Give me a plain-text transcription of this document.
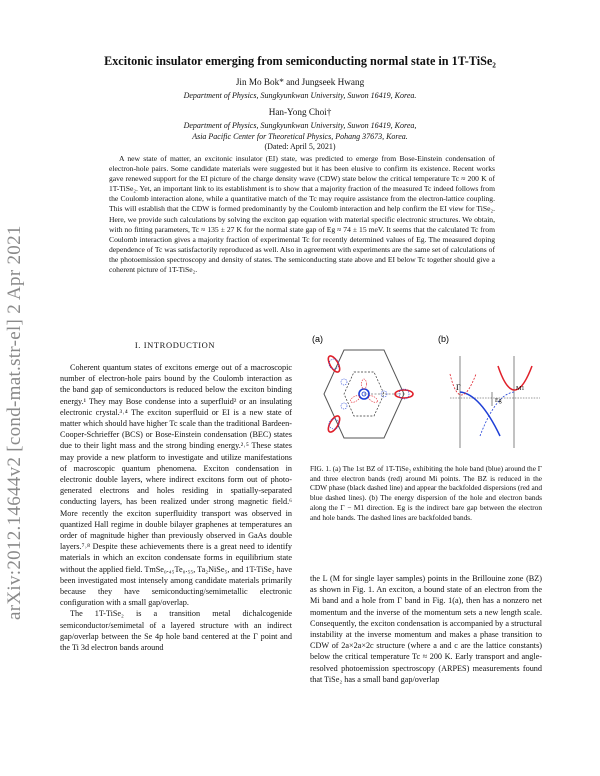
arXiv:2012.14644v2 [cond-mat.str-el] 2 Apr 2021
Excitonic insulator emerging from semiconducting normal state in 1T-TiSe₂
Jin Mo Bok* and Jungseek Hwang
Department of Physics, Sungkyunkwan University, Suwon 16419, Korea.
Han-Yong Choi†
Department of Physics, Sungkyunkwan University, Suwon 16419, Korea,
Asia Pacific Center for Theoretical Physics, Pohang 37673, Korea.
(Dated: April 5, 2021)
A new state of matter, an excitonic insulator (EI) state, was predicted to emerge from Bose-Einstein condensation of electron-hole pairs. Some candidate materials were suggested but it has been elusive to confirm its existence. Recent works gave renewed support for the EI picture of the charge density wave (CDW) state below the critical temperature Tc ≈ 200 K of 1T-TiSe₂. Yet, an important link to its establishment is to show that a majority fraction of the measured Tc indeed follows from the Coulomb interaction alone, while a quantitative match of the Tc may require assistance from the electron-lattice coupling. This will establish that the CDW is formed predominantly by the Coulomb interaction and help confirm the EI view for TiSe₂. Here, we provide such calculations by solving the exciton gap equation with material specific electronic structures. We obtain, with no fitting parameters, Tc ≈ 135 ± 27 K for the normal state gap of Eg ≈ 74 ± 15 meV. It seems that the calculated Tc from Coulomb interaction gives a majority fraction of experimental Tc for recently determined values of Eg. The measured doping dependence of Tc was satisfactorily reproduced as well. Also in agreement with experiments are the same set of calculations of the photoemission spectroscopy and density of states. The semiconducting state above and EI below Tc together should give a coherent picture of 1T-TiSe₂.
I. INTRODUCTION

Coherent quantum states of excitons emerge out of a macroscopic number of electron-hole pairs bound by the Coulomb interaction as the band gap of semiconductors is reduced below the exciton binding energy.¹ They may Bose condense into a superfluid² or an insulating electronic crystal.³˒⁴ The exciton superfluid or EI is a new state of matter which should have higher Tc scale than the traditional Bardeen-Cooper-Schrieffer (BCS) or Bose-Einstein condensation (BEC) states due to their light mass and the strong binding energy.²˒⁵ These states may provide a new platform to investigate and utilize manifestations of macroscopic quantum phenomena. Exciton condensation in electronic double layers, where indirect excitons form out of photo-generated electrons and holes residing in spatially-separated conducting layers, has been realized under strong magnetic field.⁶ More recently the exciton superfluidity transport was observed in quantized Hall regime in double bilayer graphenes at temperatures an order of magnitude higher than previously observed in GaAs double layers.⁷˒⁸ Despite these achievements there is a great need to identify materials in which an exciton condensate forms in equilibrium state without the applied field. TmSe₀.₄₅Te₀.₅₅, Ta₂NiSe₅, and 1T-TiSe₂ have been investigated most intensely among candidate materials primarily because they have semiconducting/semimetallic electronic configuration with a small gap/overlap.

The 1T-TiSe₂ is a transition metal dichalcogenide semiconductor/semimetal of a layered structure with an indirect gap/overlap between the Se 4p hole band centered at the Γ point and the Ti 3d electron bands around

(a)	(b)
Γ
Eg
M1
FIG. 1. (a) The 1st BZ of 1T-TiSe₂ exhibiting the hole band (blue) around the Γ and three electron bands (red) around Mi points. The BZ is reduced in the CDW phase (black dashed line) and appear the backfolded dispersions (red and blue dashed lines). (b) The energy dispersion of the hole and electron bands along the Γ − M1 direction. Eg is the indirect bare gap between the electron and hole bands. The dashed lines are backfolded bands.

the L (M for single layer samples) points in the Brillouine zone (BZ) as shown in Fig. 1. An exciton, a bound state of an electron from the Mi band and a hole from Γ band in Fig. 1(a), then has a nonzero net momentum and the inverse of the momentum sets a new length scale. Consequently, the exciton condensation is accompanied by a structural instability at the inverse momentum and makes a phase transition to CDW of 2a×2a×2c structure (where a and c are the lattice constants) below the critical temperature Tc ≈ 200 K. Early transport and angle-resolved photoemission spectroscopy (ARPES) measurements found that TiSe₂ has a small band gap/overlap
